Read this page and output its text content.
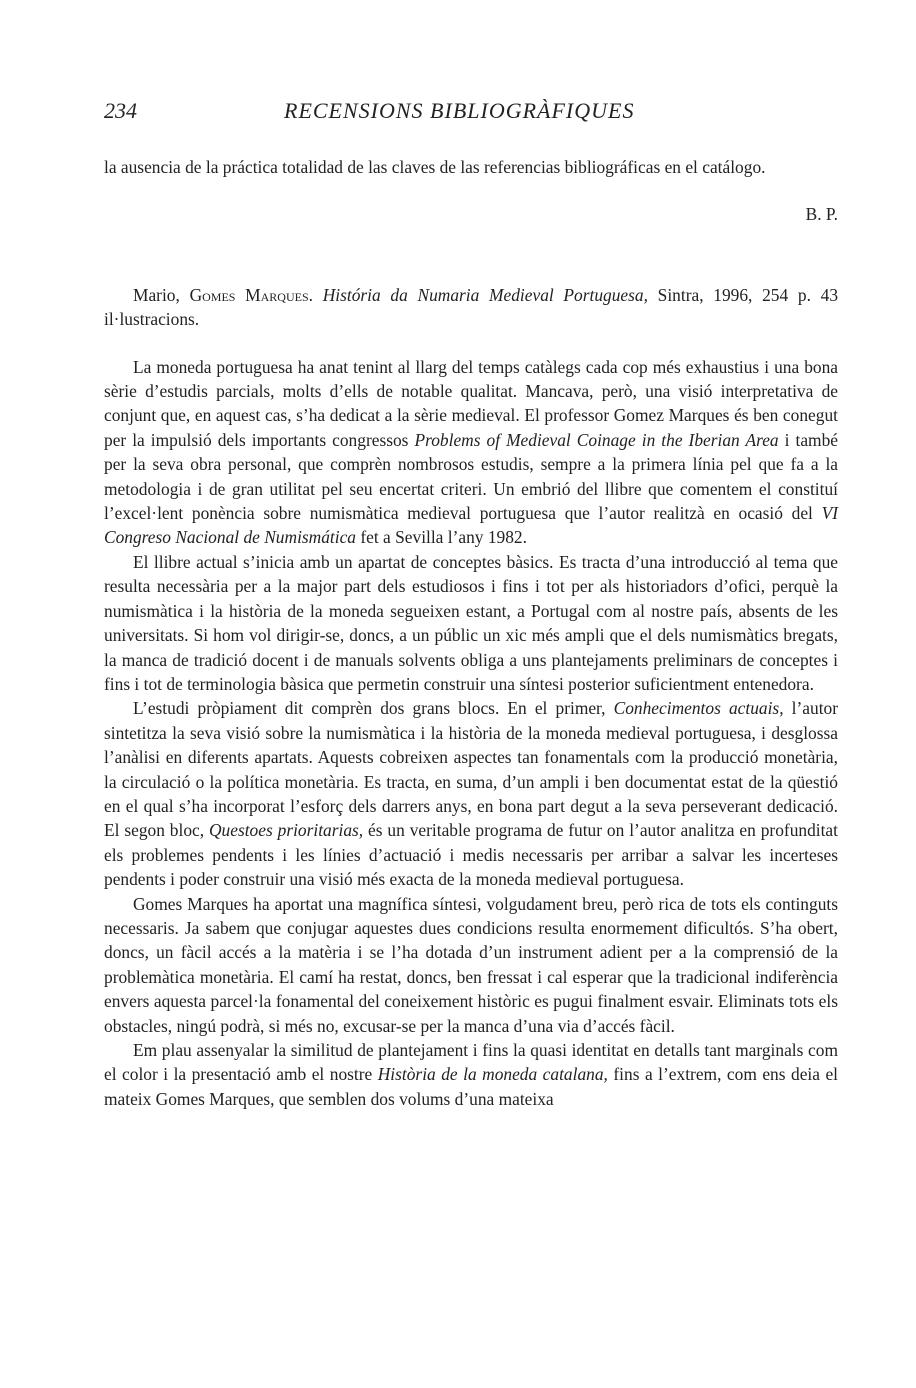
234	RECENSIONS BIBLIOGRÀFIQUES

la ausencia de la práctica totalidad de las claves de las referencias bibliográficas en el catálogo.

B. P.

Mario, Gomes Marques. História da Numaria Medieval Portuguesa, Sintra, 1996, 254 p. 43 il·lustracions.

La moneda portuguesa ha anat tenint al llarg del temps catàlegs cada cop més exhaustius i una bona sèrie d’estudis parcials, molts d’ells de notable qualitat. Mancava, però, una visió interpretativa de conjunt que, en aquest cas, s’ha dedicat a la sèrie medieval. El professor Gomez Marques és ben conegut per la impulsió dels importants congressos Problems of Medieval Coinage in the Iberian Area i també per la seva obra personal, que comprèn nombrosos estudis, sempre a la primera línia pel que fa a la metodologia i de gran utilitat pel seu encertat criteri. Un embrió del llibre que comentem el constituí l’excel·lent ponència sobre numismàtica medieval portuguesa que l’autor realitzà en ocasió del VI Congreso Nacional de Numismática fet a Sevilla l’any 1982.

El llibre actual s’inicia amb un apartat de conceptes bàsics. Es tracta d’una introducció al tema que resulta necessària per a la major part dels estudiosos i fins i tot per als historiadors d’ofici, perquè la numismàtica i la història de la moneda segueixen estant, a Portugal com al nostre país, absents de les universitats. Si hom vol dirigir-se, doncs, a un públic un xic més ampli que el dels numismàtics bregats, la manca de tradició docent i de manuals solvents obliga a uns plantejaments preliminars de conceptes i fins i tot de terminologia bàsica que permetin construir una síntesi posterior suficientment entenedora.

L’estudi pròpiament dit comprèn dos grans blocs. En el primer, Conhecimentos actuais, l’autor sintetitza la seva visió sobre la numismàtica i la història de la moneda medieval portuguesa, i desglossa l’anàlisi en diferents apartats. Aquests cobreixen aspectes tan fonamentals com la producció monetària, la circulació o la política monetària. Es tracta, en suma, d’un ampli i ben documentat estat de la qüestió en el qual s’ha incorporat l’esforç dels darrers anys, en bona part degut a la seva perseverant dedicació. El segon bloc, Questoes prioritarias, és un veritable programa de futur on l’autor analitza en profunditat els problemes pendents i les línies d’actuació i medis necessaris per arribar a salvar les incerteses pendents i poder construir una visió més exacta de la moneda medieval portuguesa.

Gomes Marques ha aportat una magnífica síntesi, volgudament breu, però rica de tots els continguts necessaris. Ja sabem que conjugar aquestes dues condicions resulta enormement dificultós. S’ha obert, doncs, un fàcil accés a la matèria i se l’ha dotada d’un instrument adient per a la comprensió de la problemàtica monetària. El camí ha restat, doncs, ben fressat i cal esperar que la tradicional indiferència envers aquesta parcel·la fonamental del coneixement històric es pugui finalment esvair. Eliminats tots els obstacles, ningú podrà, si més no, excusar-se per la manca d’una via d’accés fàcil.

Em plau assenyalar la similitud de plantejament i fins la quasi identitat en detalls tant marginals com el color i la presentació amb el nostre Història de la moneda catalana, fins a l’extrem, com ens deia el mateix Gomes Marques, que semblen dos volums d’una mateixa
